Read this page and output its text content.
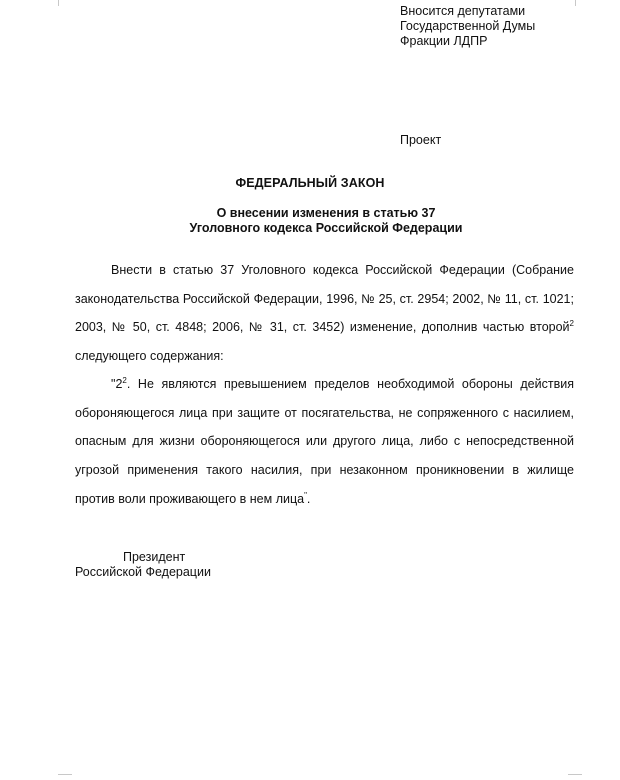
Вносится депутатами
Государственной Думы
Фракции ЛДПР
Проект
ФЕДЕРАЛЬНЫЙ ЗАКОН
О внесении изменения в статью 37
Уголовного кодекса Российской Федерации
Внести в статью 37 Уголовного кодекса Российской Федерации (Собрание законодательства Российской Федерации, 1996, № 25, ст. 2954; 2002, № 11, ст. 1021; 2003, № 50, ст. 4848; 2006, № 31, ст. 3452) изменение, дополнив частью второй$^2$ следующего содержания:
"$2^2$. Не являются превышением пределов необходимой обороны действия обороняющегося лица при защите от посягательства, не сопряженного с насилием, опасным для жизни обороняющегося или другого лица, либо с непосредственной угрозой применения такого насилия, при незаконном проникновении в жилище против воли проживающего в нем лица".
Президент
Российской Федерации
